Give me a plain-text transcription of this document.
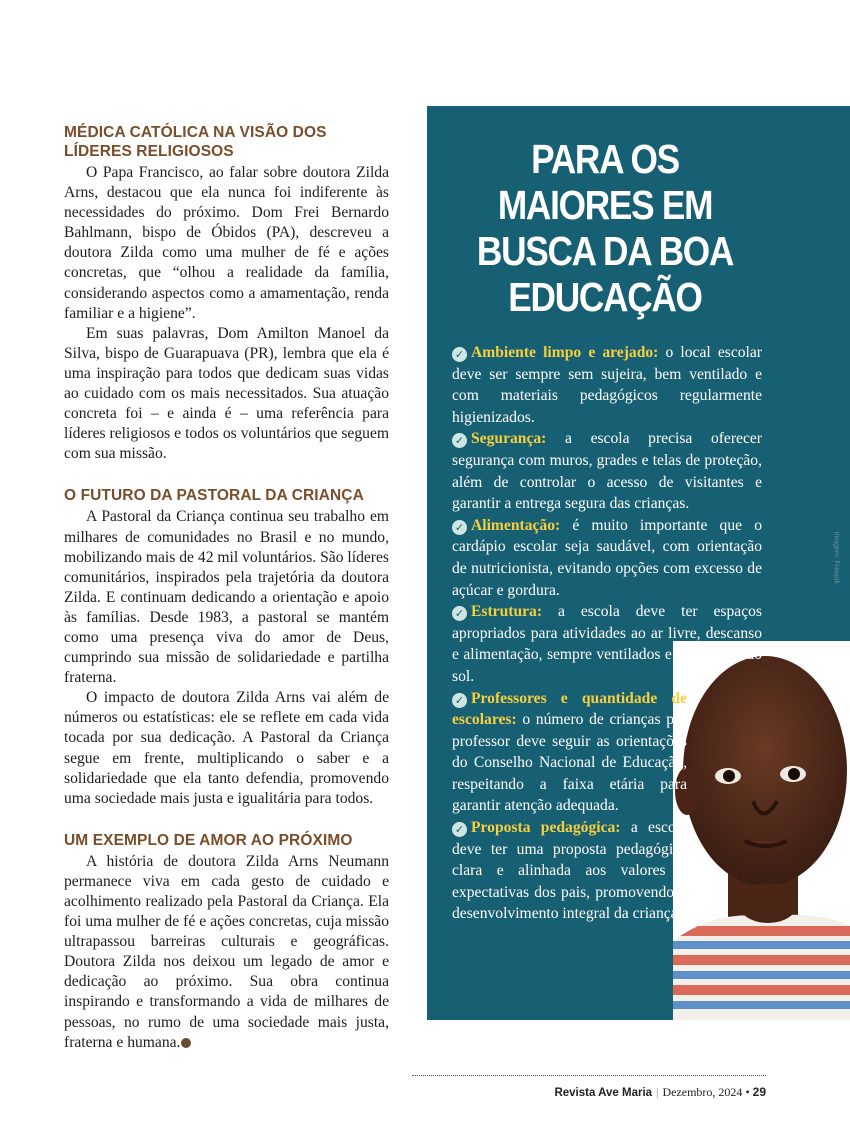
MÉDICA CATÓLICA NA VISÃO DOS LÍDERES RELIGIOSOS

O Papa Francisco, ao falar sobre doutora Zilda Arns, destacou que ela nunca foi indiferente às necessidades do próximo. Dom Frei Bernardo Bahlmann, bispo de Óbidos (PA), descreveu a doutora Zilda como uma mulher de fé e ações concretas, que “olhou a realidade da família, considerando aspectos como a amamentação, renda familiar e a higiene”.

Em suas palavras, Dom Amilton Manoel da Silva, bispo de Guarapuava (PR), lembra que ela é uma inspiração para todos que dedicam suas vidas ao cuidado com os mais necessitados. Sua atuação concreta foi – e ainda é – uma referência para líderes religiosos e todos os voluntários que seguem com sua missão.

O FUTURO DA PASTORAL DA CRIANÇA

A Pastoral da Criança continua seu trabalho em milhares de comunidades no Brasil e no mundo, mobilizando mais de 42 mil voluntários. São líderes comunitários, inspirados pela trajetória da doutora Zilda. E continuam dedicando a orientação e apoio às famílias. Desde 1983, a pastoral se mantém como uma presença viva do amor de Deus, cumprindo sua missão de solidariedade e partilha fraterna.

O impacto de doutora Zilda Arns vai além de números ou estatísticas: ele se reflete em cada vida tocada por sua dedicação. A Pastoral da Criança segue em frente, multiplicando o saber e a solidariedade que ela tanto defendia, promovendo uma sociedade mais justa e igualitária para todos.

UM EXEMPLO DE AMOR AO PRÓXIMO

A história de doutora Zilda Arns Neumann permanece viva em cada gesto de cuidado e acolhimento realizado pela Pastoral da Criança. Ela foi uma mulher de fé e ações concretas, cuja missão ultrapassou barreiras culturais e geográficas. Doutora Zilda nos deixou um legado de amor e dedicação ao próximo. Sua obra continua inspirando e transformando a vida de milhares de pessoas, no rumo de uma sociedade mais justa, fraterna e humana.

PARA OS MAIORES EM BUSCA DA BOA EDUCAÇÃO

✓ Ambiente limpo e arejado: o local escolar deve ser sempre sem sujeira, bem ventilado e com materiais pedagógicos regularmente higienizados.

✓ Segurança: a escola precisa oferecer segurança com muros, grades e telas de proteção, além de controlar o acesso de visitantes e garantir a entrega segura das crianças.

✓ Alimentação: é muito importante que o cardápio escolar seja saudável, com orientação de nutricionista, evitando opções com excesso de açúcar e gordura.

✓ Estrutura: a escola deve ter espaços apropriados para atividades ao ar livre, descanso e alimentação, sempre ventilados e protegidos do sol.

✓ Professores e quantidade de escolares: o número de crianças por professor deve seguir as orientações do Conselho Nacional de Educação, respeitando a faixa etária para garantir atenção adequada.

✓ Proposta pedagógica: a escola deve ter uma proposta pedagógica clara e alinhada aos valores e expectativas dos pais, promovendo o desenvolvimento integral da criança.

Imagem: Freepik
Revista Ave Maria | Dezembro, 2024 • 29
